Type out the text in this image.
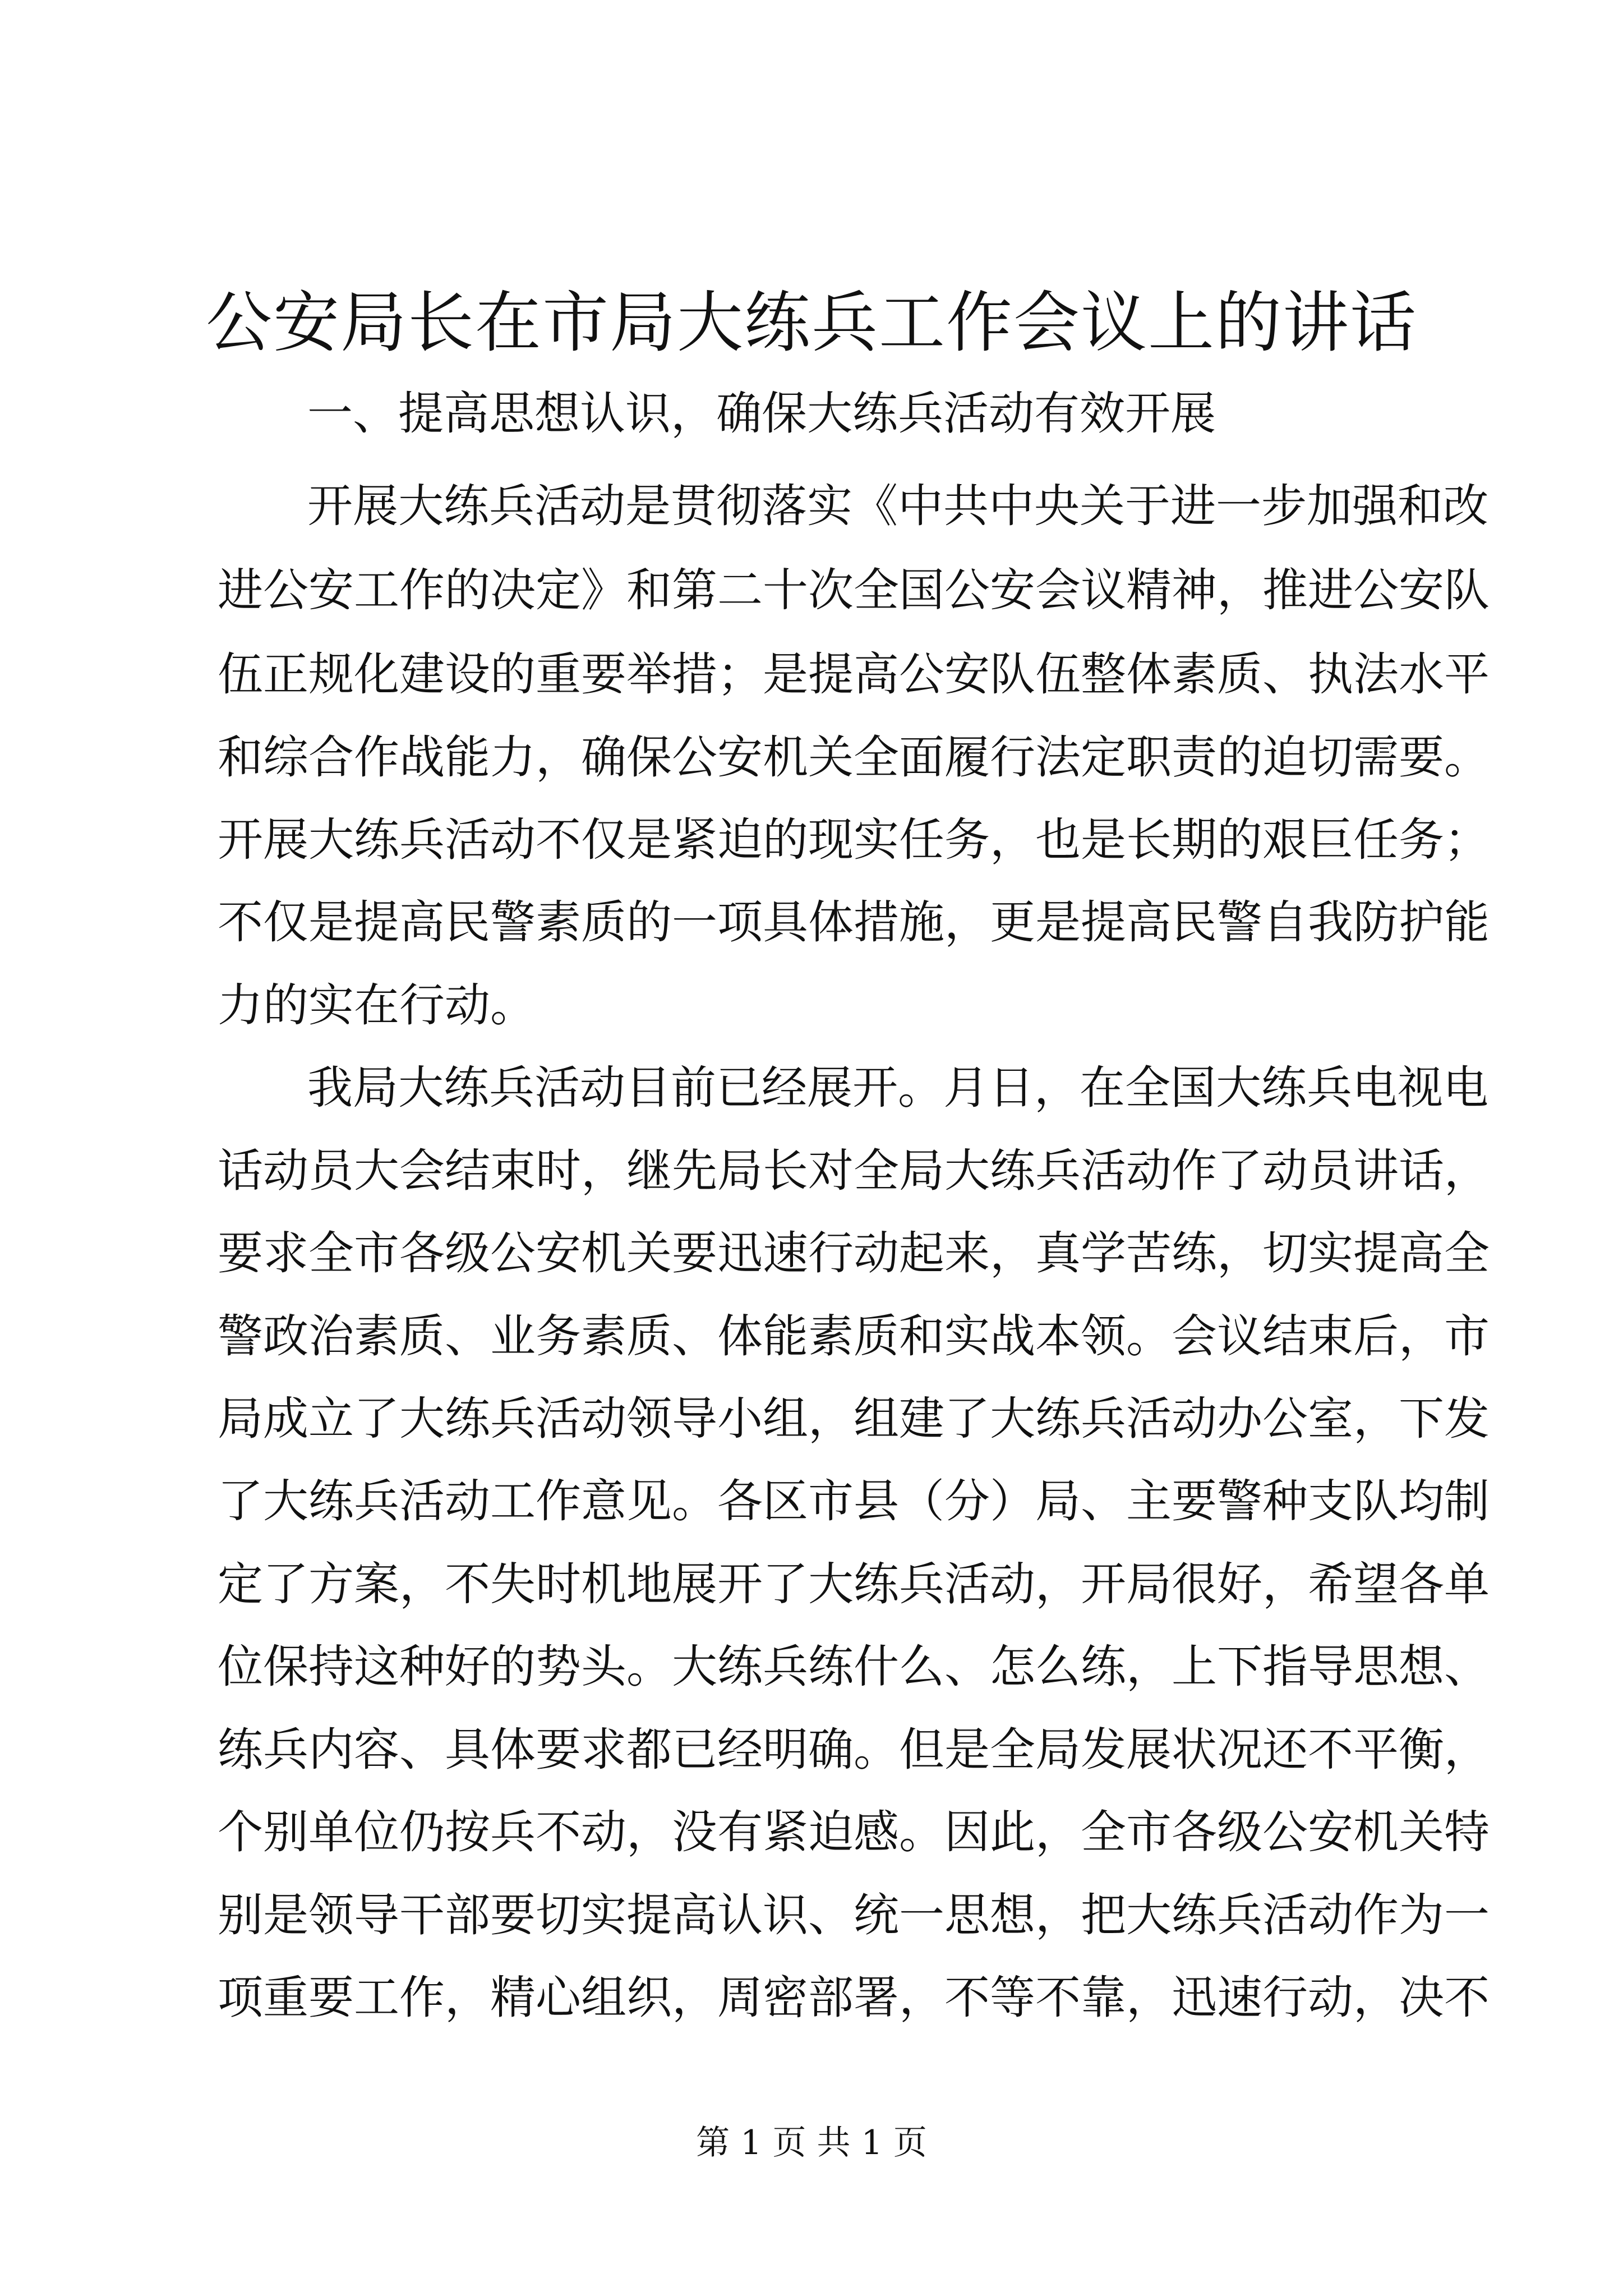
公安局长在市局大练兵工作会议上的讲话

一、提高思想认识，确保大练兵活动有效开展

开展大练兵活动是贯彻落实《中共中央关于进一步加强和改

进公安工作的决定》和第二十次全国公安会议精神，推进公安队

伍正规化建设的重要举措；是提高公安队伍整体素质、执法水平

和综合作战能力，确保公安机关全面履行法定职责的迫切需要。

开展大练兵活动不仅是紧迫的现实任务，也是长期的艰巨任务；

不仅是提高民警素质的一项具体措施，更是提高民警自我防护能

力的实在行动。

我局大练兵活动目前已经展开。月日，在全国大练兵电视电

话动员大会结束时，继先局长对全局大练兵活动作了动员讲话，

要求全市各级公安机关要迅速行动起来，真学苦练，切实提高全

警政治素质、业务素质、体能素质和实战本领。会议结束后，市

局成立了大练兵活动领导小组，组建了大练兵活动办公室，下发

了大练兵活动工作意见。各区市县（分）局、主要警种支队均制

定了方案，不失时机地展开了大练兵活动，开局很好，希望各单

位保持这种好的势头。大练兵练什么、怎么练，上下指导思想、

练兵内容、具体要求都已经明确。但是全局发展状况还不平衡，

个别单位仍按兵不动，没有紧迫感。因此，全市各级公安机关特

别是领导干部要切实提高认识、统一思想，把大练兵活动作为一

项重要工作，精心组织，周密部署，不等不靠，迅速行动，决不

第 1 页 共 1 页
